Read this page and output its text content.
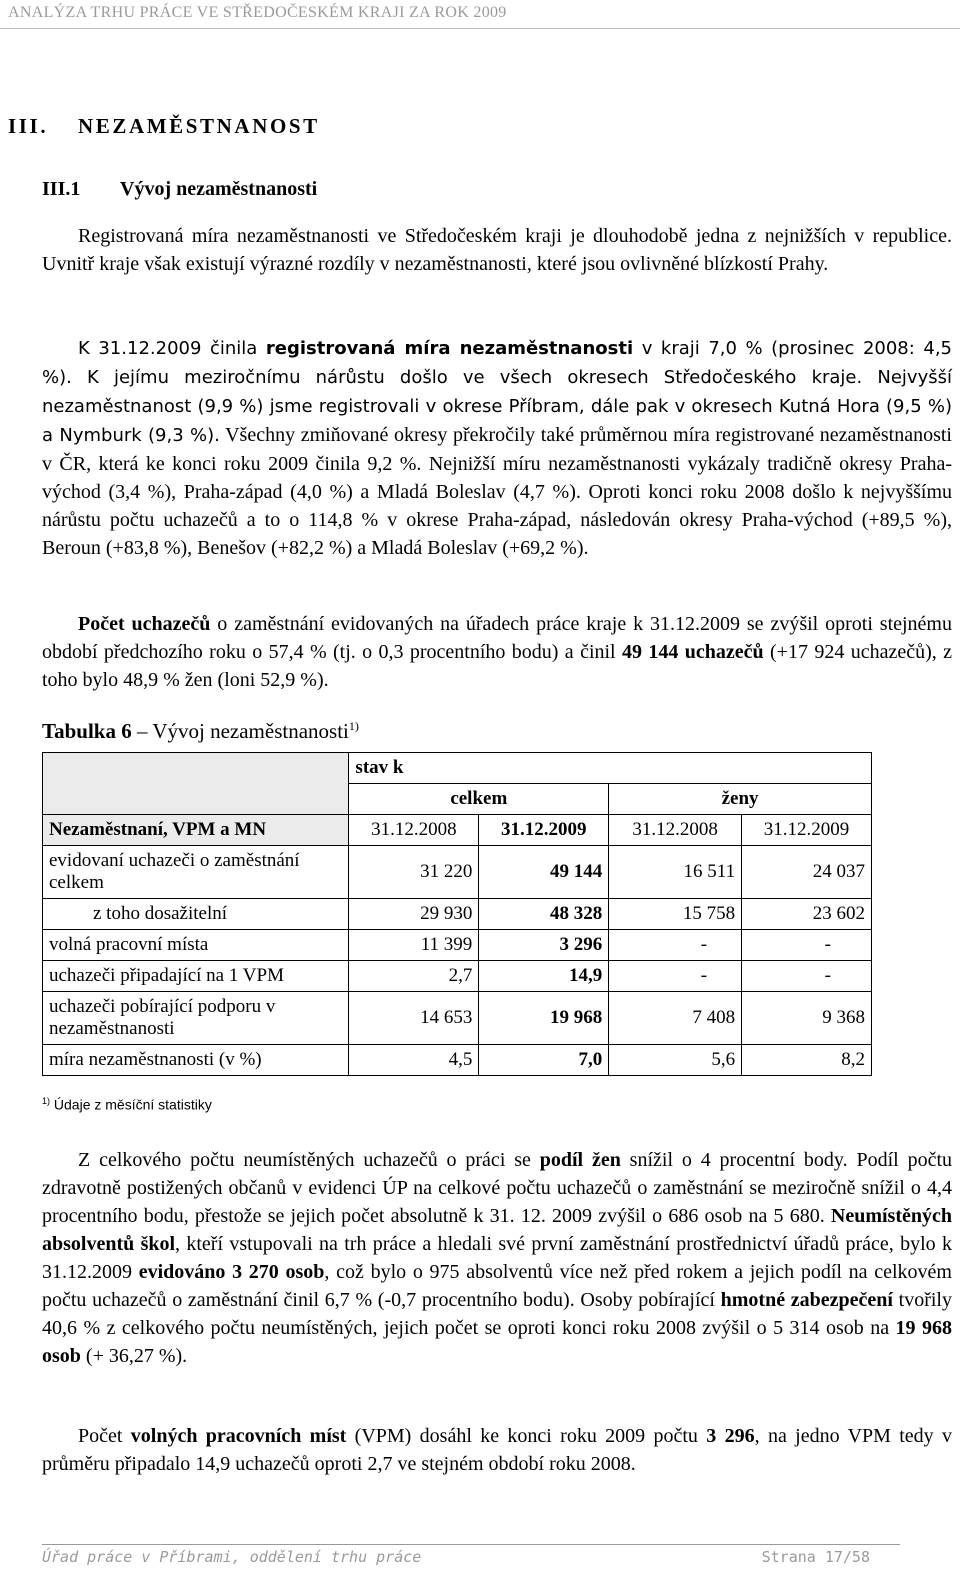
ANALÝZA TRHU PRÁCE VE STŘEDOČESKÉM KRAJI ZA ROK 2009
III. NEZAMĚSTNANOST
III.1 Vývoj nezaměstnanosti
Registrovaná míra nezaměstnanosti ve Středočeském kraji je dlouhodobě jedna z nejnižších v republice. Uvnitř kraje však existují výrazné rozdíly v nezaměstnanosti, které jsou ovlivněné blízkostí Prahy.
K 31.12.2009 činila registrovaná míra nezaměstnanosti v kraji 7,0 % (prosinec 2008: 4,5 %). K jejímu meziročnímu nárůstu došlo ve všech okresech Středočeského kraje. Nejvyšší nezaměstnanost (9,9 %) jsme registrovali v okrese Příbram, dále pak v okresech Kutná Hora (9,5 %) a Nymburk (9,3 %). Všechny zmiňované okresy překročily také průměrnou míra registrované nezaměstnanosti v ČR, která ke konci roku 2009 činila 9,2 %. Nejnižší míru nezaměstnanosti vykázaly tradičně okresy Praha-východ (3,4 %), Praha-západ (4,0 %) a Mladá Boleslav (4,7 %). Oproti konci roku 2008 došlo k nejvyššímu nárůstu počtu uchazečů a to o 114,8 % v okrese Praha-západ, následován okresy Praha-východ (+89,5 %), Beroun (+83,8 %), Benešov (+82,2 %) a Mladá Boleslav (+69,2 %).
Počet uchazečů o zaměstnání evidovaných na úřadech práce kraje k 31.12.2009 se zvýšil oproti stejnému období předchozího roku o 57,4 % (tj. o 0,3 procentního bodu) a činil 49 144 uchazečů (+17 924 uchazečů), z toho bylo 48,9 % žen (loni 52,9 %).
Tabulka 6 – Vývoj nezaměstnanosti$^{1)}$
	stav k			
	celkem		ženy	
Nezaměstnaní, VPM a MN	31.12.2008	31.12.2009	31.12.2008	31.12.2009
evidovaní uchazeči o zaměstnání celkem	31 220	49 144	16 511	24 037
z toho dosažitelní	29 930	48 328	15 758	23 602
volná pracovní místa	11 399	3 296	-	-
uchazeči připadající na 1 VPM	2,7	14,9	-	-
uchazeči pobírající podporu v nezaměstnanosti	14 653	19 968	7 408	9 368
míra nezaměstnanosti (v %)	4,5	7,0	5,6	8,2
$^{1)}$ Údaje z měsíční statistiky
Z celkového počtu neumístěných uchazečů o práci se podíl žen snížil o 4 procentní body. Podíl počtu zdravotně postižených občanů v evidenci ÚP na celkové počtu uchazečů o zaměstnání se meziročně snížil o 4,4 procentního bodu, přestože se jejich počet absolutně k 31. 12. 2009 zvýšil o 686 osob na 5 680. Neumístěných absolventů škol, kteří vstupovali na trh práce a hledali své první zaměstnání prostřednictví úřadů práce, bylo k 31.12.2009 evidováno 3 270 osob, což bylo o 975 absolventů více než před rokem a jejich podíl na celkovém počtu uchazečů o zaměstnání činil 6,7 % (-0,7 procentního bodu). Osoby pobírající hmotné zabezpečení tvořily 40,6 % z celkového počtu neumístěných, jejich počet se oproti konci roku 2008 zvýšil o 5 314 osob na 19 968 osob (+ 36,27 %).
Počet volných pracovních míst (VPM) dosáhl ke konci roku 2009 počtu 3 296, na jedno VPM tedy v průměru připadalo 14,9 uchazečů oproti 2,7 ve stejném období roku 2008.
Úřad práce v Příbrami, oddělení trhu práce	Strana 17/58
